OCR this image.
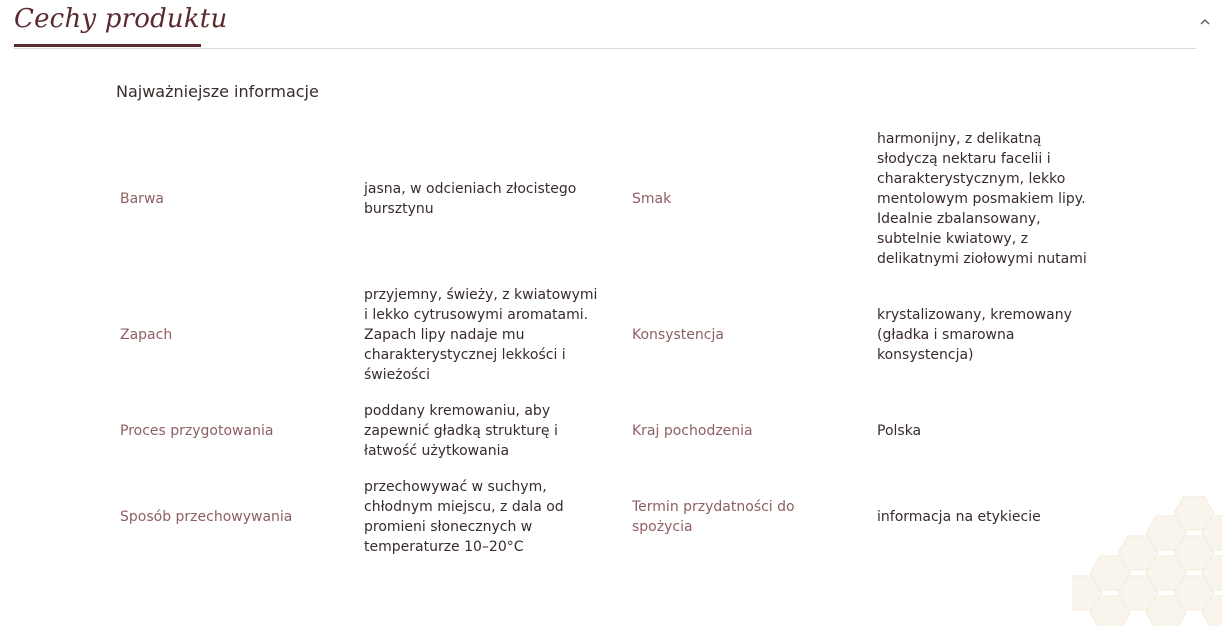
Cechy produktu
Najważniejsze informacje
Barwa
jasna, w odcieniach złocistego bursztynu
Smak
harmonijny, z delikatną słodyczą nektaru facelii i charakterystycznym, lekko mentolowym posmakiem lipy. Idealnie zbalansowany, subtelnie kwiatowy, z delikatnymi ziołowymi nutami
Zapach
przyjemny, świeży, z kwiatowymi i lekko cytrusowymi aromatami. Zapach lipy nadaje mu charakterystycznej lekkości i świeżości
Konsystencja
krystalizowany, kremowany (gładka i smarowna konsystencja)
Proces przygotowania
poddany kremowaniu, aby zapewnić gładką strukturę i łatwość użytkowania
Kraj pochodzenia	Polska
Sposób przechowywania
przechowywać w suchym, chłodnym miejscu, z dala od promieni słonecznych w temperaturze 10–20°C
Termin przydatności do spożycia
informacja na etykiecie
